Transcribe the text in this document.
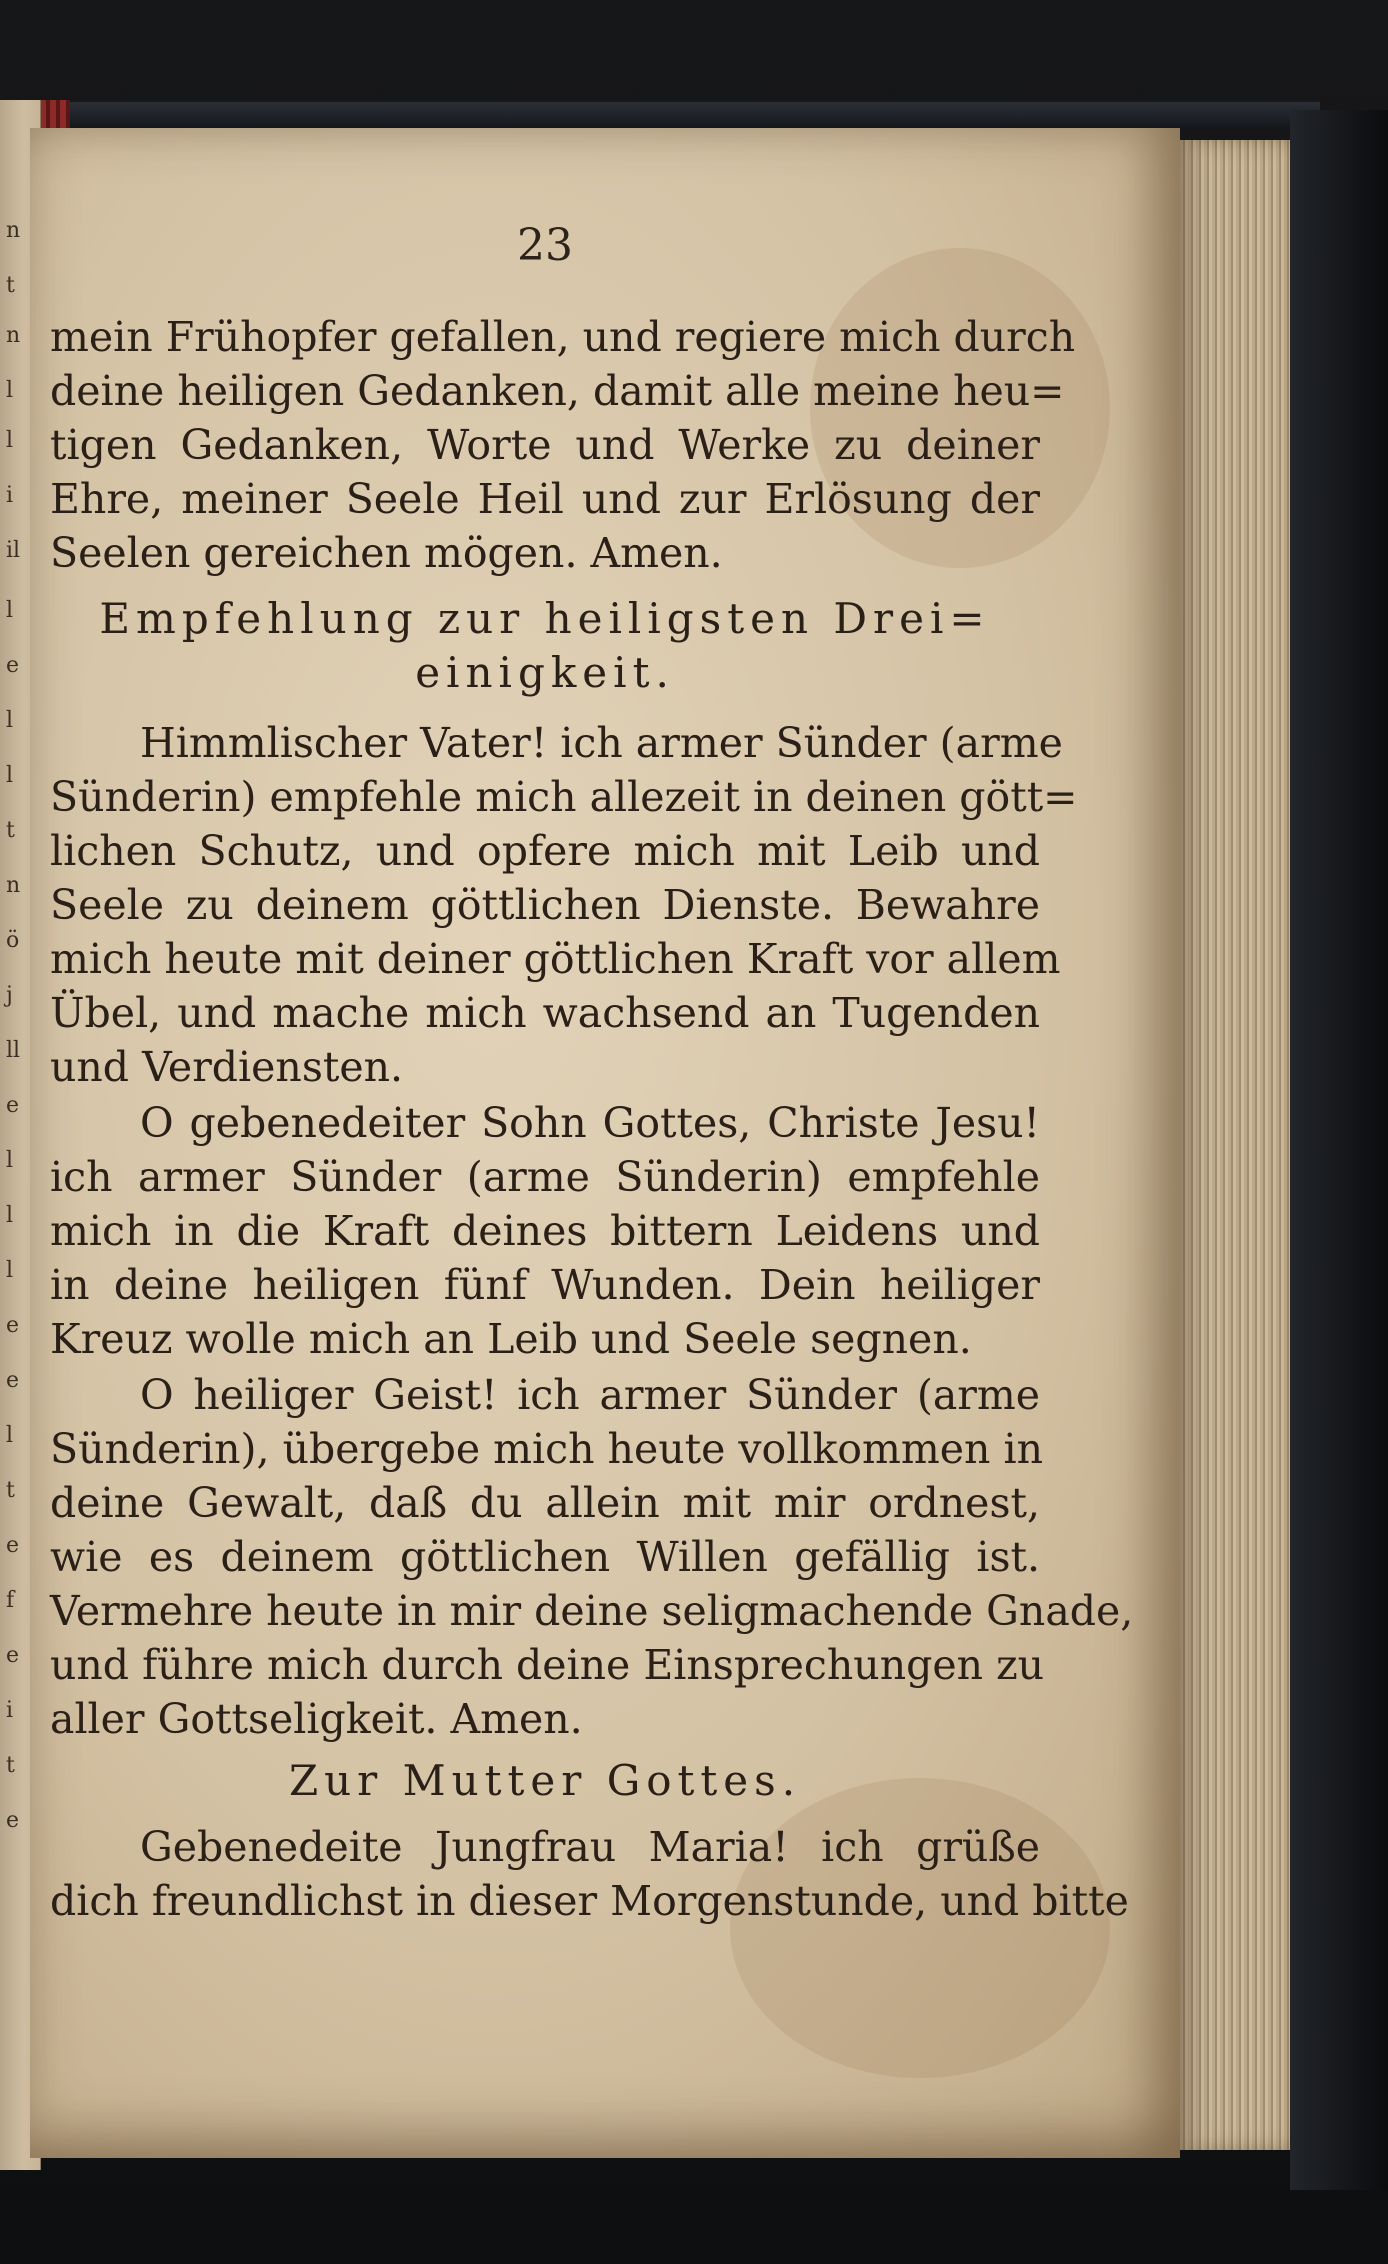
n
t
n
l
l
i
il
l
e
l
l
t
n
ö
j
ll
e
l
l
l
e
e
l
t
e
f
e
i
t
e
23
mein Frühopfer gefallen, und regiere mich durch
deine heiligen Gedanken, damit alle meine heu=
tigen Gedanken, Worte und Werke zu deiner
Ehre, meiner Seele Heil und zur Erlösung der
Seelen gereichen mögen. Amen.
Empfehlung zur heiligsten Drei=
einigkeit.
Himmlischer Vater! ich armer Sünder (arme
Sünderin) empfehle mich allezeit in deinen gött=
lichen Schutz, und opfere mich mit Leib und
Seele zu deinem göttlichen Dienste. Bewahre
mich heute mit deiner göttlichen Kraft vor allem
Übel, und mache mich wachsend an Tugenden
und Verdiensten.
O gebenedeiter Sohn Gottes, Christe Jesu!
ich armer Sünder (arme Sünderin) empfehle
mich in die Kraft deines bittern Leidens und
in deine heiligen fünf Wunden. Dein heiliger
Kreuz wolle mich an Leib und Seele segnen.
O heiliger Geist! ich armer Sünder (arme
Sünderin), übergebe mich heute vollkommen in
deine Gewalt, daß du allein mit mir ordnest,
wie es deinem göttlichen Willen gefällig ist.
Vermehre heute in mir deine seligmachende Gnade,
und führe mich durch deine Einsprechungen zu
aller Gottseligkeit. Amen.
Zur Mutter Gottes.
Gebenedeite Jungfrau Maria! ich grüße
dich freundlichst in dieser Morgenstunde, und bitte
